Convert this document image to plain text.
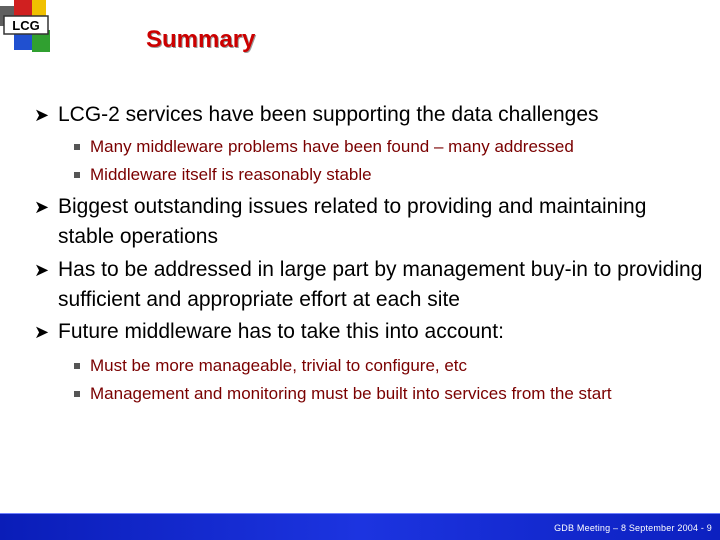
LCG
Summary
➤ LCG-2 services have been supporting the data challenges
Many middleware problems have been found – many addressed
Middleware itself is reasonably stable
➤ Biggest outstanding issues related to providing and maintaining stable operations
➤ Has to be addressed in large part by management buy-in to providing sufficient and appropriate effort at each site
➤ Future middleware has to take this into account:
Must be more manageable, trivial to configure, etc
Management and monitoring must be built into services from the start
GDB Meeting – 8 September 2004 - 9
